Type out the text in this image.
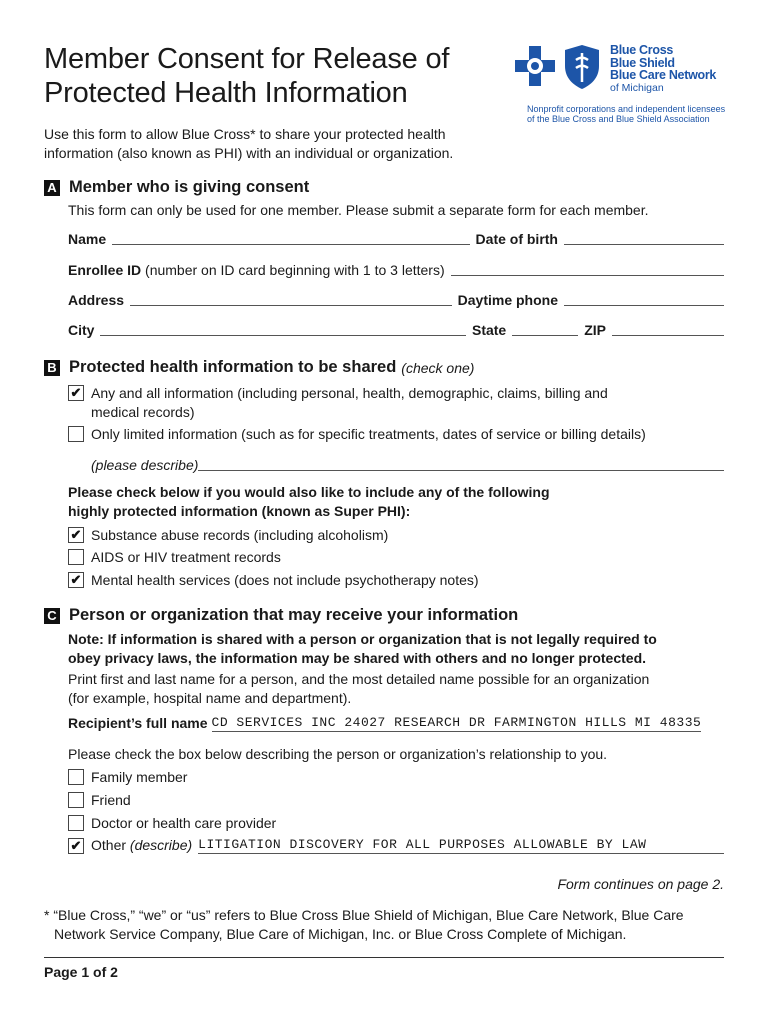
Member Consent for Release of
Protected Health Information
Blue Cross
Blue Shield
Blue Care Network
of Michigan
Nonprofit corporations and independent licensees
of the Blue Cross and Blue Shield Association
Use this form to allow Blue Cross* to share your protected health
information (also known as PHI) with an individual or organization.
A Member who is giving consent
This form can only be used for one member. Please submit a separate form for each member.
Name	Date of birth
Enrollee ID (number on ID card beginning with 1 to 3 letters)
Address	Daytime phone
City	State	ZIP
B Protected health information to be shared (check one)
✔ Any and all information (including personal, health, demographic, claims, billing and
medical records)
Only limited information (such as for specific treatments, dates of service or billing details)
(please describe)
Please check below if you would also like to include any of the following
highly protected information (known as Super PHI):
✔ Substance abuse records (including alcoholism)
AIDS or HIV treatment records
✔ Mental health services (does not include psychotherapy notes)
C Person or organization that may receive your information
Note: If information is shared with a person or organization that is not legally required to
obey privacy laws, the information may be shared with others and no longer protected.
Print first and last name for a person, and the most detailed name possible for an organization
(for example, hospital name and department).
Recipient’s full name CD SERVICES INC 24027 RESEARCH DR FARMINGTON HILLS MI 48335
Please check the box below describing the person or organization’s relationship to you.
Family member
Friend
Doctor or health care provider
✔ Other (describe) LITIGATION DISCOVERY FOR ALL PURPOSES ALLOWABLE BY LAW
Form continues on page 2.
* “Blue Cross,” “we” or “us” refers to Blue Cross Blue Shield of Michigan, Blue Care Network, Blue Care
Network Service Company, Blue Care of Michigan, Inc. or Blue Cross Complete of Michigan.
Page 1 of 2
